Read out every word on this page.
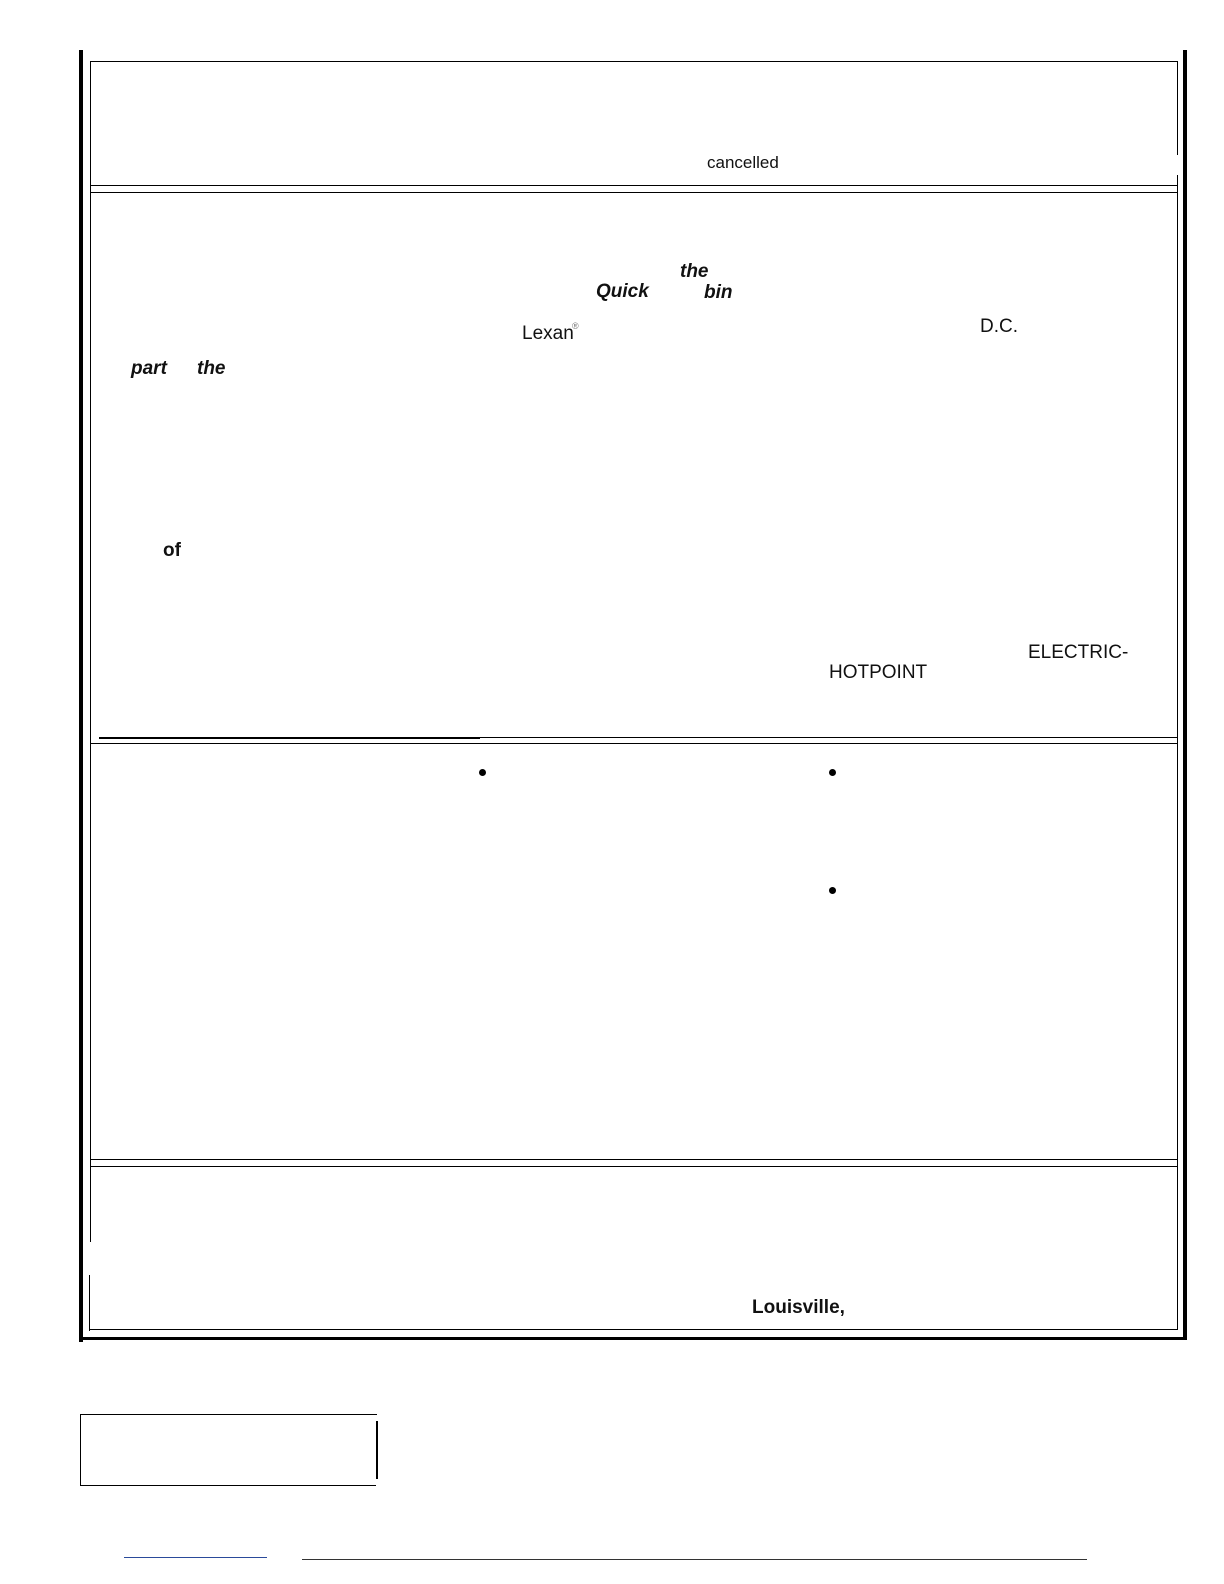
cancelled
the
Quick	bin
Lexan
®	D.C.
part the
of
ELECTRIC-
HOTPOINT
Louisville,
